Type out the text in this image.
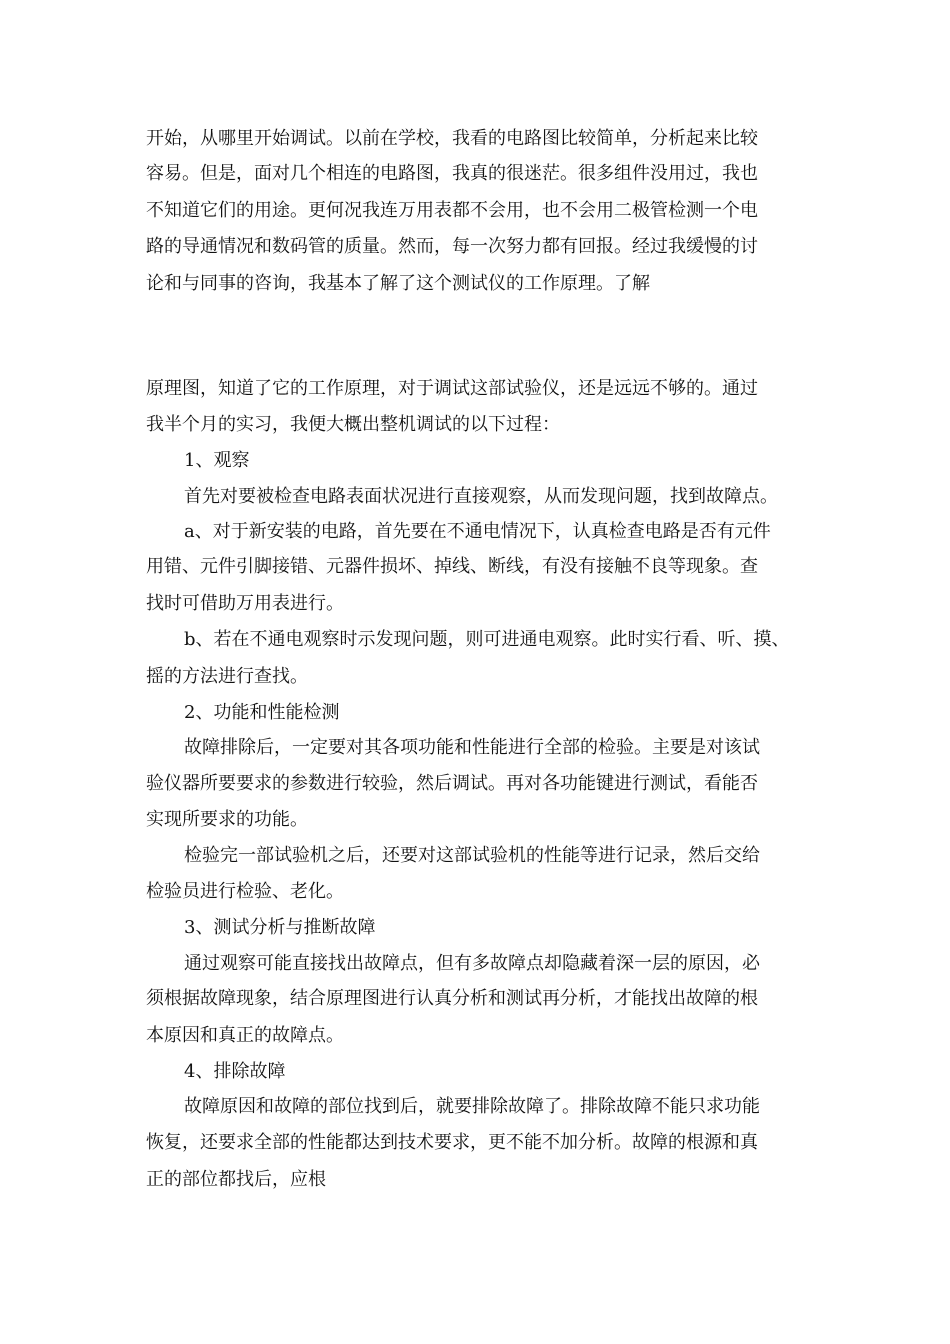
开始，从哪里开始调试。以前在学校，我看的电路图比较简单，分析起来比较

容易。但是，面对几个相连的电路图，我真的很迷茫。很多组件没用过，我也

不知道它们的用途。更何况我连万用表都不会用，也不会用二极管检测一个电

路的导通情况和数码管的质量。然而，每一次努力都有回报。经过我缓慢的讨

论和与同事的咨询，我基本了解了这个测试仪的工作原理。了解

原理图，知道了它的工作原理，对于调试这部试验仪，还是远远不够的。通过

我半个月的实习，我便大概出整机调试的以下过程：

1、观察

首先对要被检查电路表面状况进行直接观察，从而发现问题，找到故障点。

a、对于新安装的电路，首先要在不通电情况下，认真检查电路是否有元件

用错、元件引脚接错、元器件损坏、掉线、断线，有没有接触不良等现象。查

找时可借助万用表进行。

b、若在不通电观察时示发现问题，则可进通电观察。此时实行看、听、摸、

摇的方法进行查找。

2、功能和性能检测

故障排除后，一定要对其各项功能和性能进行全部的检验。主要是对该试

验仪器所要要求的参数进行较验，然后调试。再对各功能键进行测试，看能否

实现所要求的功能。

检验完一部试验机之后，还要对这部试验机的性能等进行记录，然后交给

检验员进行检验、老化。

3、测试分析与推断故障

通过观察可能直接找出故障点，但有多故障点却隐藏着深一层的原因，必

须根据故障现象，结合原理图进行认真分析和测试再分析，才能找出故障的根

本原因和真正的故障点。

4、排除故障

故障原因和故障的部位找到后，就要排除故障了。排除故障不能只求功能

恢复，还要求全部的性能都达到技术要求，更不能不加分析。故障的根源和真

正的部位都找后，应根
